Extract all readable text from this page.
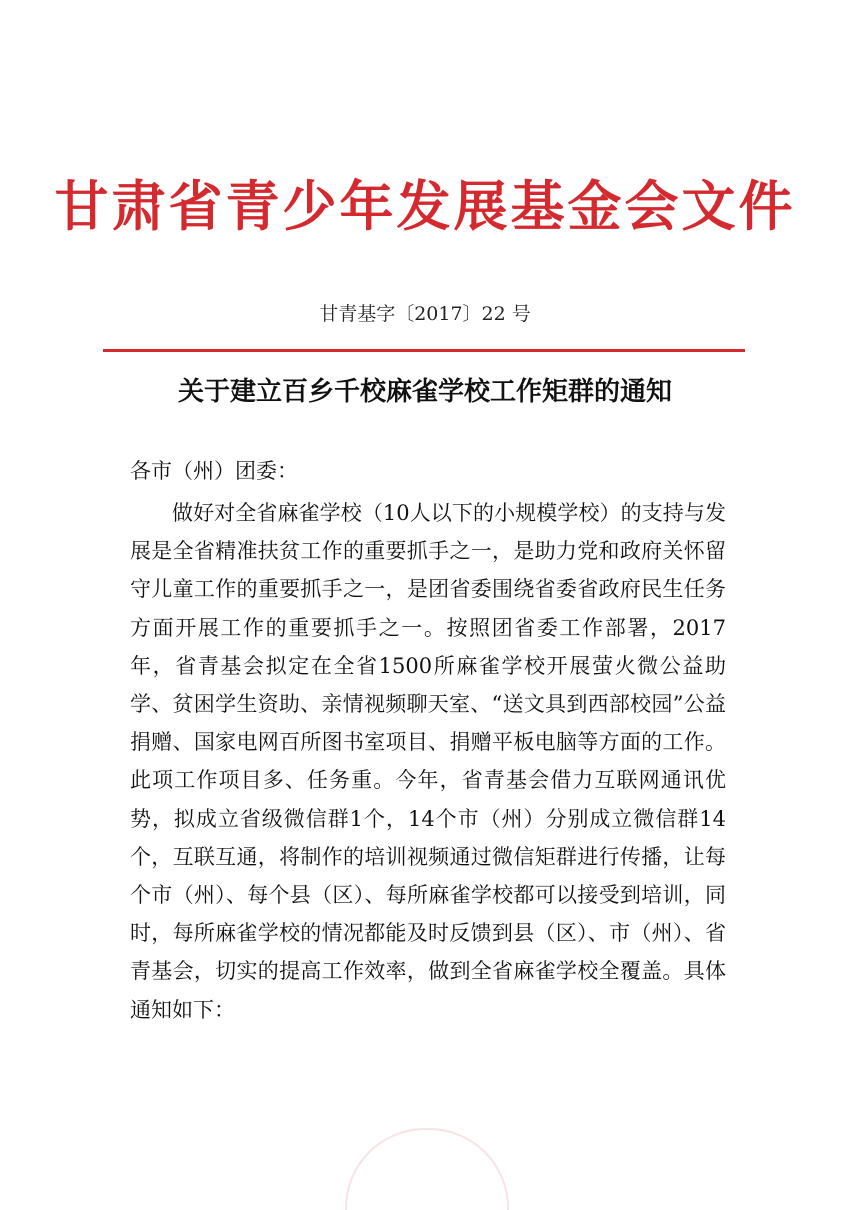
甘肃省青少年发展基金会文件
甘青基字〔2017〕22 号
关于建立百乡千校麻雀学校工作矩群的通知
各市（州）团委：

做好对全省麻雀学校（10人以下的小规模学校）的支持与发展是全省精准扶贫工作的重要抓手之一，是助力党和政府关怀留守儿童工作的重要抓手之一，是团省委围绕省委省政府民生任务方面开展工作的重要抓手之一。按照团省委工作部署，2017年，省青基会拟定在全省1500所麻雀学校开展萤火微公益助学、贫困学生资助、亲情视频聊天室、“送文具到西部校园”公益捐赠、国家电网百所图书室项目、捐赠平板电脑等方面的工作。此项工作项目多、任务重。今年，省青基会借力互联网通讯优势，拟成立省级微信群1个，14个市（州）分别成立微信群14个，互联互通，将制作的培训视频通过微信矩群进行传播，让每个市（州）、每个县（区）、每所麻雀学校都可以接受到培训，同时，每所麻雀学校的情况都能及时反馈到县（区）、市（州）、省青基会，切实的提高工作效率，做到全省麻雀学校全覆盖。具体通知如下：
